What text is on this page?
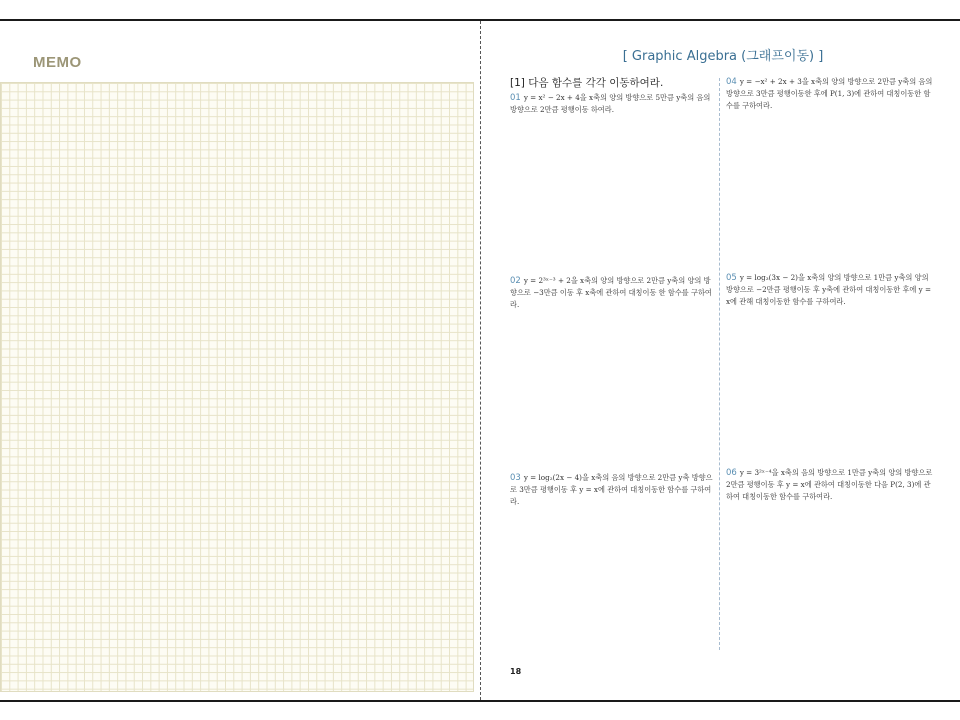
MEMO	[ Graphic Algebra (그래프이동) ]
[1] 다음 함수를 각각 이동하여라.
01 y = x² − 2x + 4을 x축의 양의 방향으로 5만큼 y축의 음의 방향으로 2만큼 평행이동 하여라.
02 y = 2³ˣ⁻³ + 2을 x축의 양의 방향으로 2만큼 y축의 양의 방향으로 −3만큼 이동 후 x축에 관하여 대칭이동 한 함수를 구하여라.
03 y = log₂(2x − 4)을 x축의 음의 방향으로 2만큼 y축 방향으로 3만큼 평행이동 후 y = x에 관하여 대칭이동한 함수를 구하여라.
04 y = −x² + 2x + 3을 x축의 양의 방향으로 2만큼 y축의 음의 방향으로 3만큼 평행이동한 후에 P(1, 3)에 관하여 대칭이동한 함수를 구하여라.
05 y = log₃(3x − 2)을 x축의 양의 방향으로 1만큼 y축의 양의 방향으로 −2만큼 평행이동 후 y축에 관하여 대칭이동한 후에 y = x에 관해 대칭이동한 함수를 구하여라.
06 y = 3²ˣ⁻⁴을 x축의 음의 방향으로 1만큼 y축의 양의 방향으로 2만큼 평행이동 후 y = x에 관하여 대칭이동한 다음 P(2, 3)에 관하여 대칭이동한 함수를 구하여라.
18
